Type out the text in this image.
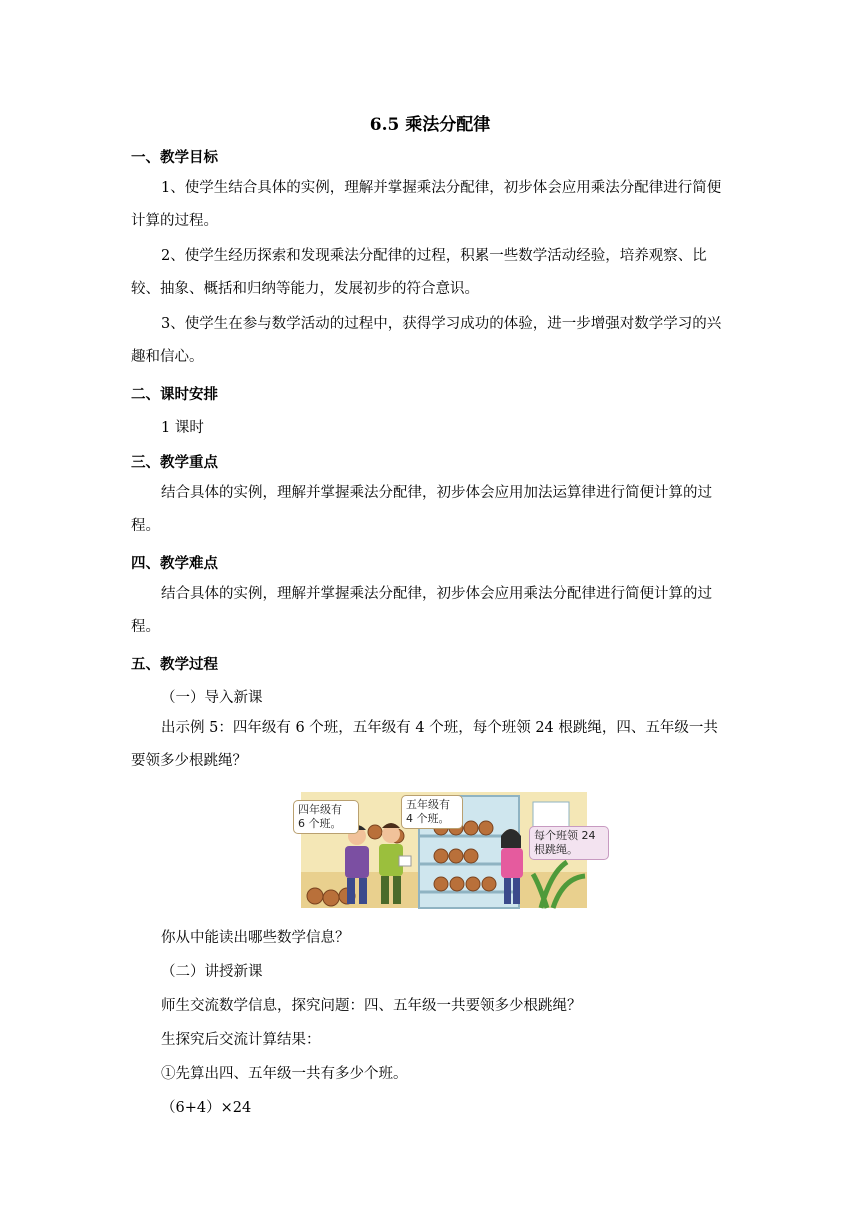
6.5 乘法分配律
一、教学目标
1、使学生结合具体的实例，理解并掌握乘法分配律，初步体会应用乘法分配律进行简便计算的过程。
2、使学生经历探索和发现乘法分配律的过程，积累一些数学活动经验，培养观察、比较、抽象、概括和归纳等能力，发展初步的符合意识。
3、使学生在参与数学活动的过程中，获得学习成功的体验，进一步增强对数学学习的兴趣和信心。
二、课时安排
1 课时
三、教学重点
结合具体的实例，理解并掌握乘法分配律，初步体会应用加法运算律进行简便计算的过程。
四、教学难点
结合具体的实例，理解并掌握乘法分配律，初步体会应用乘法分配律进行简便计算的过程。
五、教学过程
（一）导入新课
出示例 5：四年级有 6 个班，五年级有 4 个班，每个班领 24 根跳绳，四、五年级一共要领多少根跳绳？
四年级有
6 个班。
五年级有
4 个班。
每个班领 24
根跳绳。
你从中能读出哪些数学信息？
（二）讲授新课
师生交流数学信息，探究问题：四、五年级一共要领多少根跳绳？
生探究后交流计算结果：
①先算出四、五年级一共有多少个班。
（6+4）×24
